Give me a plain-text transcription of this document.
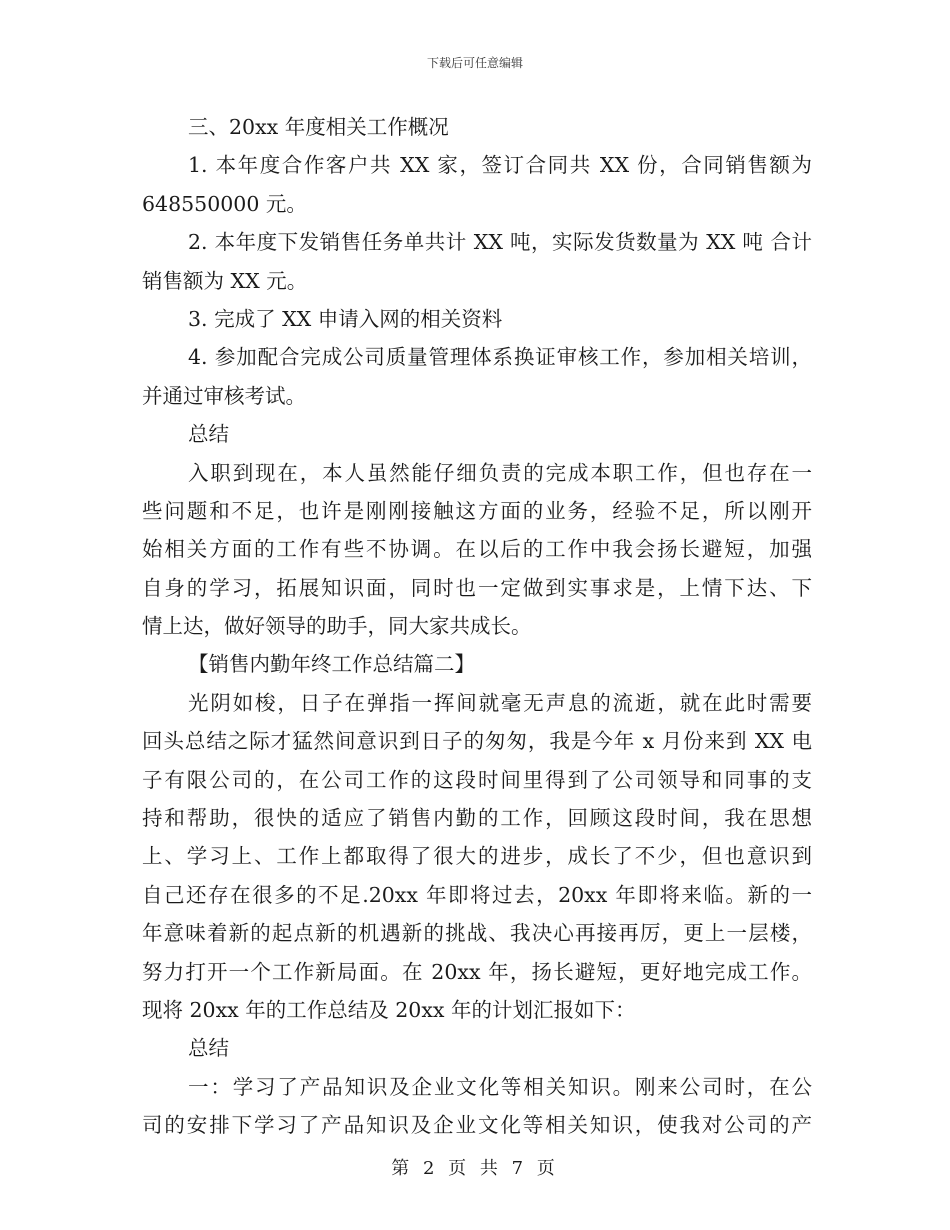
下载后可任意编辑
三、20xx 年度相关工作概况
1. 本年度合作客户共 XX 家，签订合同共 XX 份，合同销售额为
648550000 元。
2. 本年度下发销售任务单共计 XX 吨，实际发货数量为 XX 吨 合计
销售额为 XX 元。
3. 完成了 XX 申请入网的相关资料
4. 参加配合完成公司质量管理体系换证审核工作，参加相关培训，
并通过审核考试。
总结
入职到现在，本人虽然能仔细负责的完成本职工作，但也存在一
些问题和不足，也许是刚刚接触这方面的业务，经验不足，所以刚开
始相关方面的工作有些不协调。在以后的工作中我会扬长避短，加强
自身的学习，拓展知识面，同时也一定做到实事求是，上情下达、下
情上达，做好领导的助手，同大家共成长。
【销售内勤年终工作总结篇二】
光阴如梭，日子在弹指一挥间就毫无声息的流逝，就在此时需要
回头总结之际才猛然间意识到日子的匆匆，我是今年 x 月份来到 XX 电
子有限公司的，在公司工作的这段时间里得到了公司领导和同事的支
持和帮助，很快的适应了销售内勤的工作，回顾这段时间，我在思想
上、学习上、工作上都取得了很大的进步，成长了不少，但也意识到
自己还存在很多的不足.20xx 年即将过去，20xx 年即将来临。新的一
年意味着新的起点新的机遇新的挑战、我决心再接再厉，更上一层楼，
努力打开一个工作新局面。在 20xx 年，扬长避短，更好地完成工作。
现将 20xx 年的工作总结及 20xx 年的计划汇报如下：
总结
一：学习了产品知识及企业文化等相关知识。刚来公司时，在公
司的安排下学习了产品知识及企业文化等相关知识，使我对公司的产
第 2 页 共 7 页
